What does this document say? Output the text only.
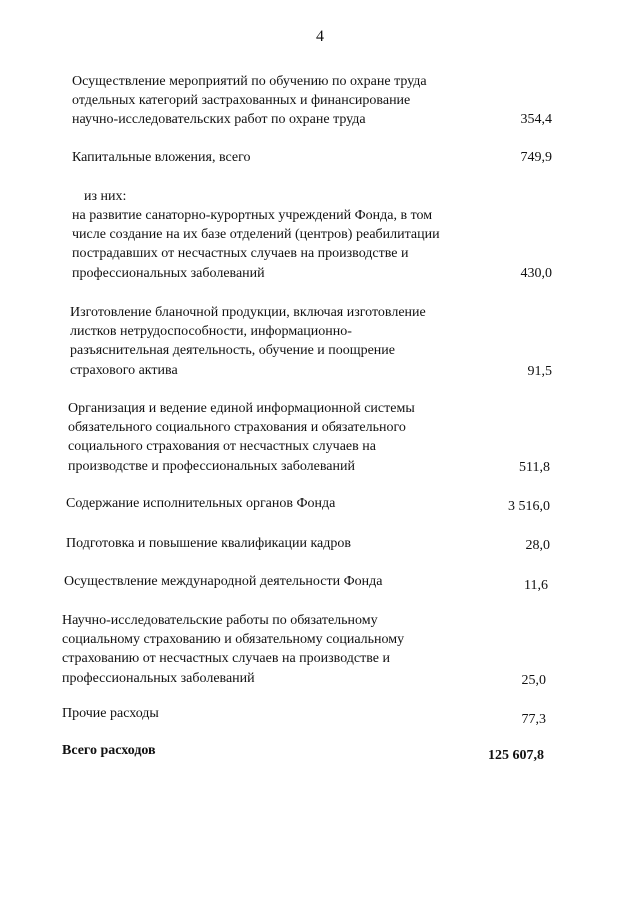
4
Осуществление мероприятий по обучению по охране труда
отдельных категорий застрахованных и финансирование
научно-исследовательских работ по охране труда	354,4
Капитальные вложения, всего	749,9
из них:
на развитие санаторно-курортных учреждений Фонда, в том
числе создание на их базе отделений (центров) реабилитации
пострадавших от несчастных случаев на производстве и
профессиональных заболеваний	430,0
Изготовление бланочной продукции, включая изготовление
листков нетрудоспособности, информационно-
разъяснительная деятельность, обучение и поощрение
страхового актива	91,5
Организация и ведение единой информационной системы
обязательного социального страхования и обязательного
социального страхования от несчастных случаев на
производстве и профессиональных заболеваний	511,8
Содержание исполнительных органов Фонда	3 516,0
Подготовка и повышение квалификации кадров	28,0
Осуществление международной деятельности Фонда	11,6
Научно-исследовательские работы по обязательному
социальному страхованию и обязательному социальному
страхованию от несчастных случаев на производстве и
профессиональных заболеваний	25,0
Прочие расходы	77,3
Всего расходов	125 607,8
